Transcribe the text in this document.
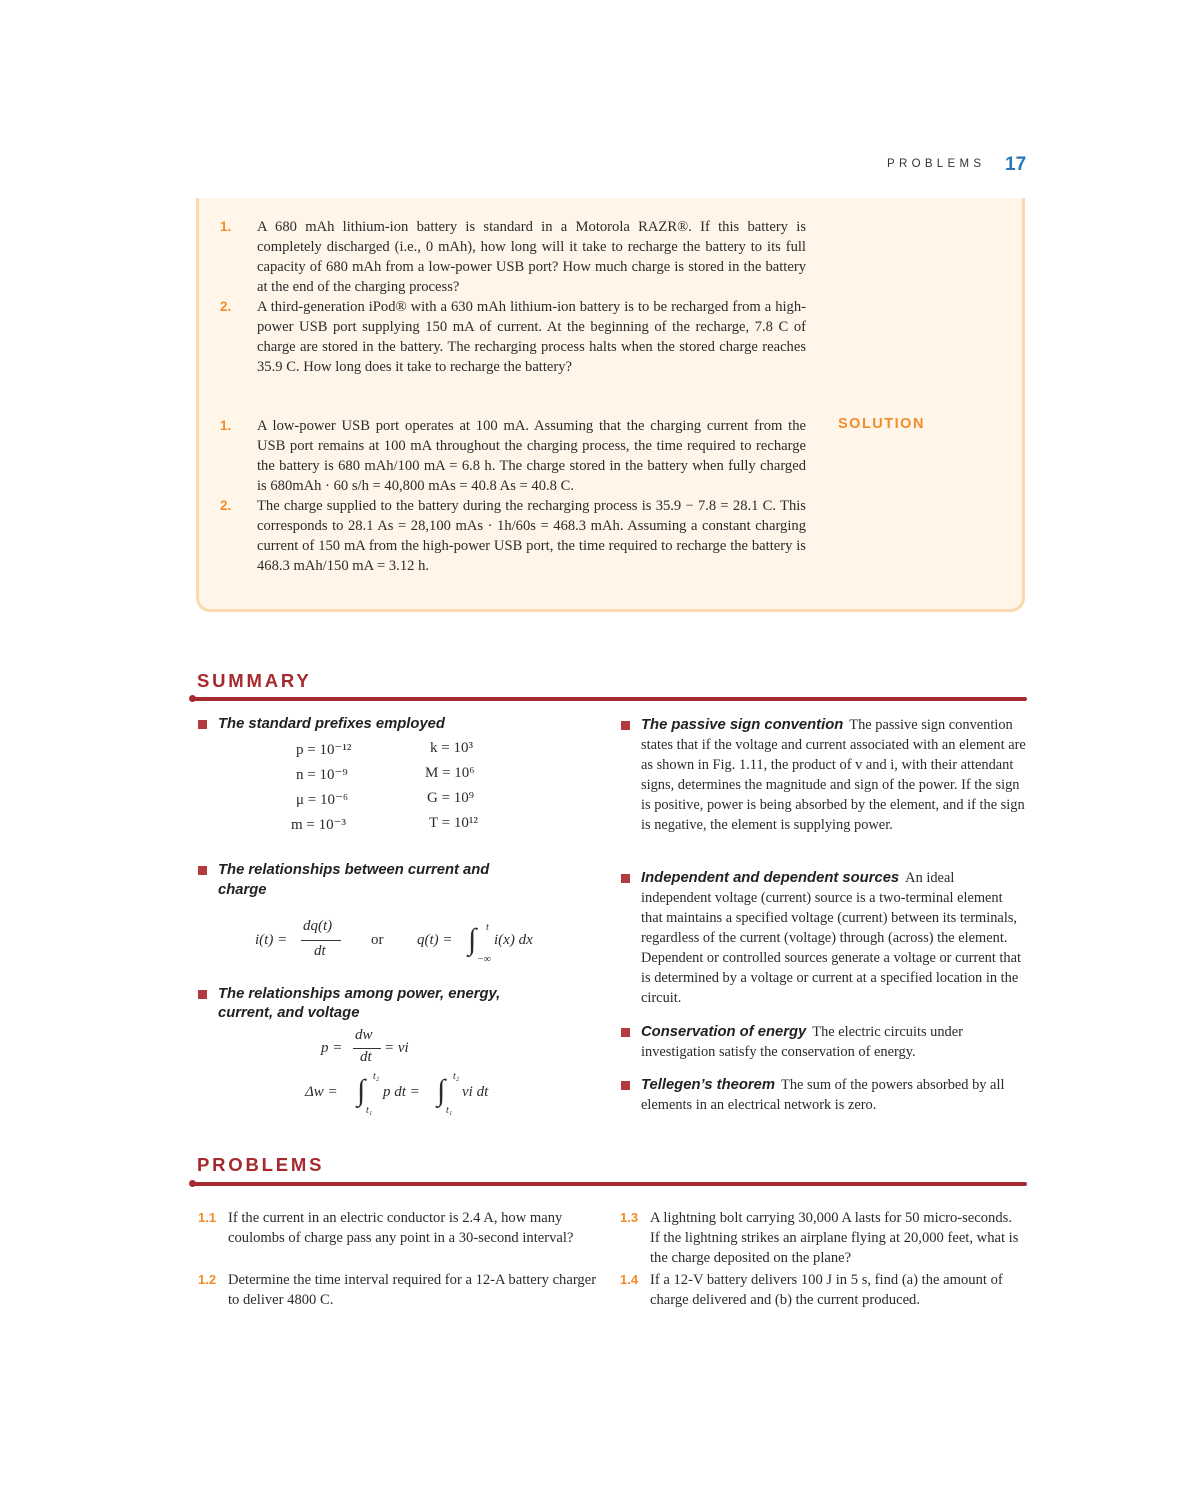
PROBLEMS 17
1. A 680 mAh lithium-ion battery is standard in a Motorola RAZR®. If this battery is completely discharged (i.e., 0 mAh), how long will it take to recharge the battery to its full capacity of 680 mAh from a low-power USB port? How much charge is stored in the battery at the end of the charging process?
2. A third-generation iPod® with a 630 mAh lithium-ion battery is to be recharged from a high-power USB port supplying 150 mA of current. At the beginning of the recharge, 7.8 C of charge are stored in the battery. The recharging process halts when the stored charge reaches 35.9 C. How long does it take to recharge the battery?
SOLUTION
1. A low-power USB port operates at 100 mA. Assuming that the charging current from the USB port remains at 100 mA throughout the charging process, the time required to recharge the battery is 680 mAh/100 mA = 6.8 h. The charge stored in the battery when fully charged is 680mAh · 60 s/h = 40,800 mAs = 40.8 As = 40.8 C.
2. The charge supplied to the battery during the recharging process is 35.9 − 7.8 = 28.1 C. This corresponds to 28.1 As = 28,100 mAs · 1h/60s = 468.3 mAh. Assuming a constant charging current of 150 mA from the high-power USB port, the time required to recharge the battery is 468.3 mAh/150 mA = 3.12 h.
SUMMARY
The standard prefixes employed
p = 10⁻¹²
n = 10⁻⁹
μ = 10⁻⁶
m = 10⁻³
k = 10³
M = 10⁶
G = 10⁹
T = 10¹²
The relationships between current and
charge
i(t) =
dq(t)
dt
or q(t) = ∫ t
−∞
i(x) dx
The relationships among power, energy,
current, and voltage
p =
dw
dt
= vi
Δw = ∫ t₂
t₁
p dt = ∫ t₂
t₁
vi dt
The passive sign convention The passive sign convention states that if the voltage and current associated with an element are as shown in Fig. 1.11, the product of v and i, with their attendant signs, determines the magnitude and sign of the power. If the sign is positive, power is being absorbed by the element, and if the sign is negative, the element is supplying power.
Independent and dependent sources An ideal independent voltage (current) source is a two-terminal element that maintains a specified voltage (current) between its terminals, regardless of the current (voltage) through (across) the element. Dependent or controlled sources generate a voltage or current that is determined by a voltage or current at a specified location in the circuit.
Conservation of energy The electric circuits under investigation satisfy the conservation of energy.
Tellegen’s theorem The sum of the powers absorbed by all elements in an electrical network is zero.
PROBLEMS
1.1 If the current in an electric conductor is 2.4 A, how many coulombs of charge pass any point in a 30-second interval?
1.2 Determine the time interval required for a 12-A battery charger to deliver 4800 C.
1.3 A lightning bolt carrying 30,000 A lasts for 50 micro-seconds. If the lightning strikes an airplane flying at 20,000 feet, what is the charge deposited on the plane?
1.4 If a 12-V battery delivers 100 J in 5 s, find (a) the amount of charge delivered and (b) the current produced.
